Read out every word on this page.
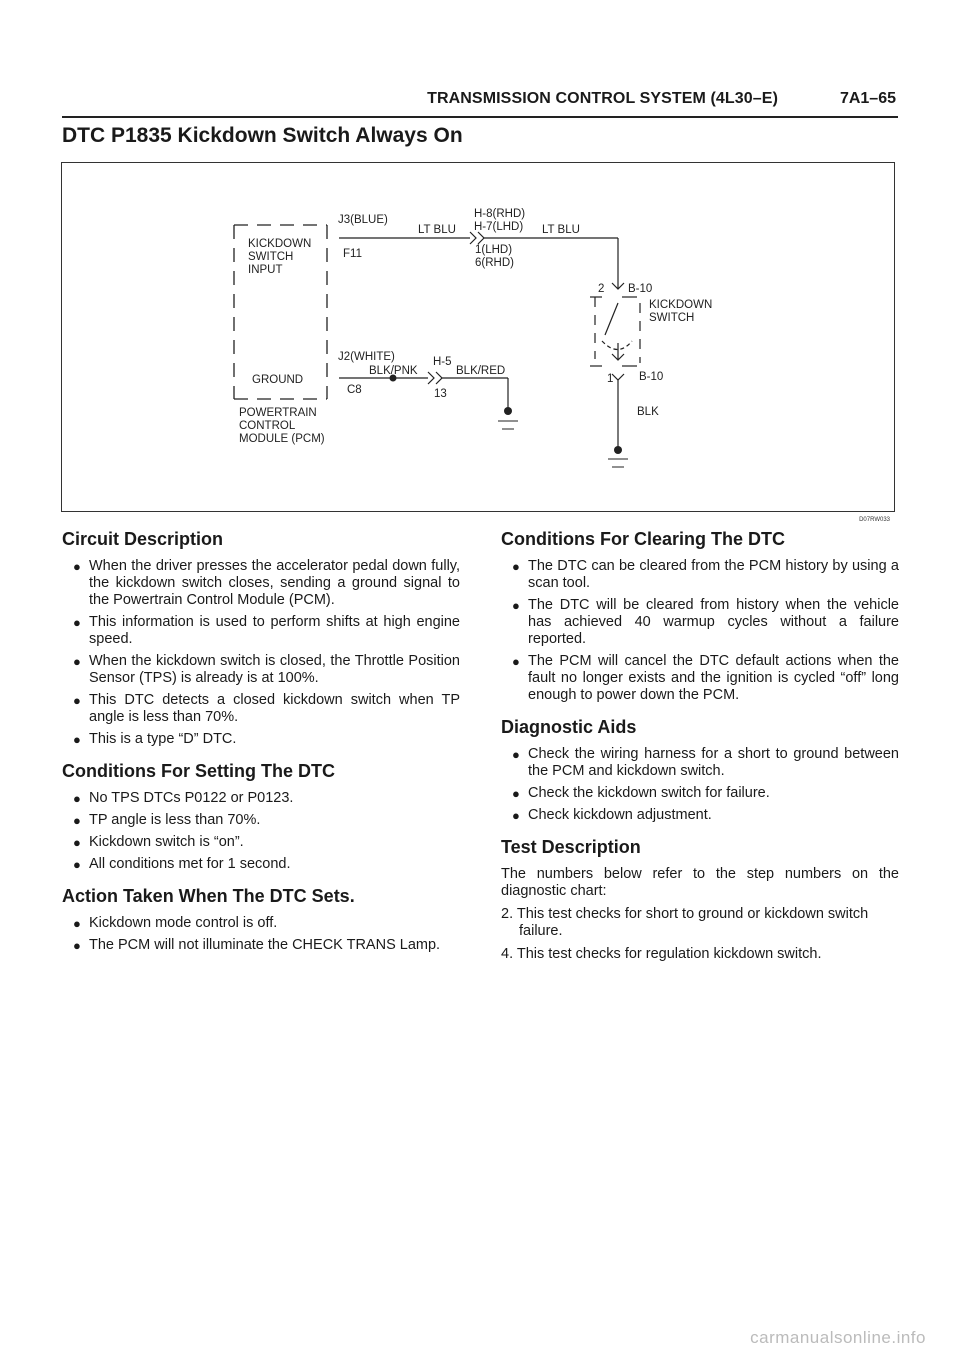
TRANSMISSION CONTROL SYSTEM (4L30–E)	7A1–65
DTC P1835 Kickdown Switch Always On
J3(BLUE)
LT BLU
H-8(RHD)
H-7(LHD) LT BLU
KICKDOWN
SWITCH
INPUT
F11	1(LHD)
6(RHD)
2 B-10
KICKDOWN
SWITCH
J2(WHITE)	H-5
BLK/PNK	BLK/RED
GROUND
C8	13
1 B-10
BLK
POWERTRAIN
CONTROL
MODULE (PCM)
D07RW033
Circuit Description
● When the driver presses the accelerator pedal down fully, the kickdown switch closes, sending a ground signal to the Powertrain Control Module (PCM).
● This information is used to perform shifts at high engine speed.
● When the kickdown switch is closed, the Throttle Position Sensor (TPS) is already is at 100%.
● This DTC detects a closed kickdown switch when TP angle is less than 70%.
● This is a type “D” DTC.
Conditions For Setting The DTC
● No TPS DTCs P0122 or P0123.
● TP angle is less than 70%.
● Kickdown switch is “on”.
● All conditions met for 1 second.
Action Taken When The DTC Sets.
● Kickdown mode control is off.
● The PCM will not illuminate the CHECK TRANS Lamp.
Conditions For Clearing The DTC
● The DTC can be cleared from the PCM history by using a scan tool.
● The DTC will be cleared from history when the vehicle has achieved 40 warmup cycles without a failure reported.
● The PCM will cancel the DTC default actions when the fault no longer exists and the ignition is cycled “off” long enough to power down the PCM.
Diagnostic Aids
● Check the wiring harness for a short to ground between the PCM and kickdown switch.
● Check the kickdown switch for failure.
● Check kickdown adjustment.
Test Description

The numbers below refer to the step numbers on the diagnostic chart:

2. This test checks for short to ground or kickdown switch failure.

4. This test checks for regulation kickdown switch.

carmanualsonline.info
